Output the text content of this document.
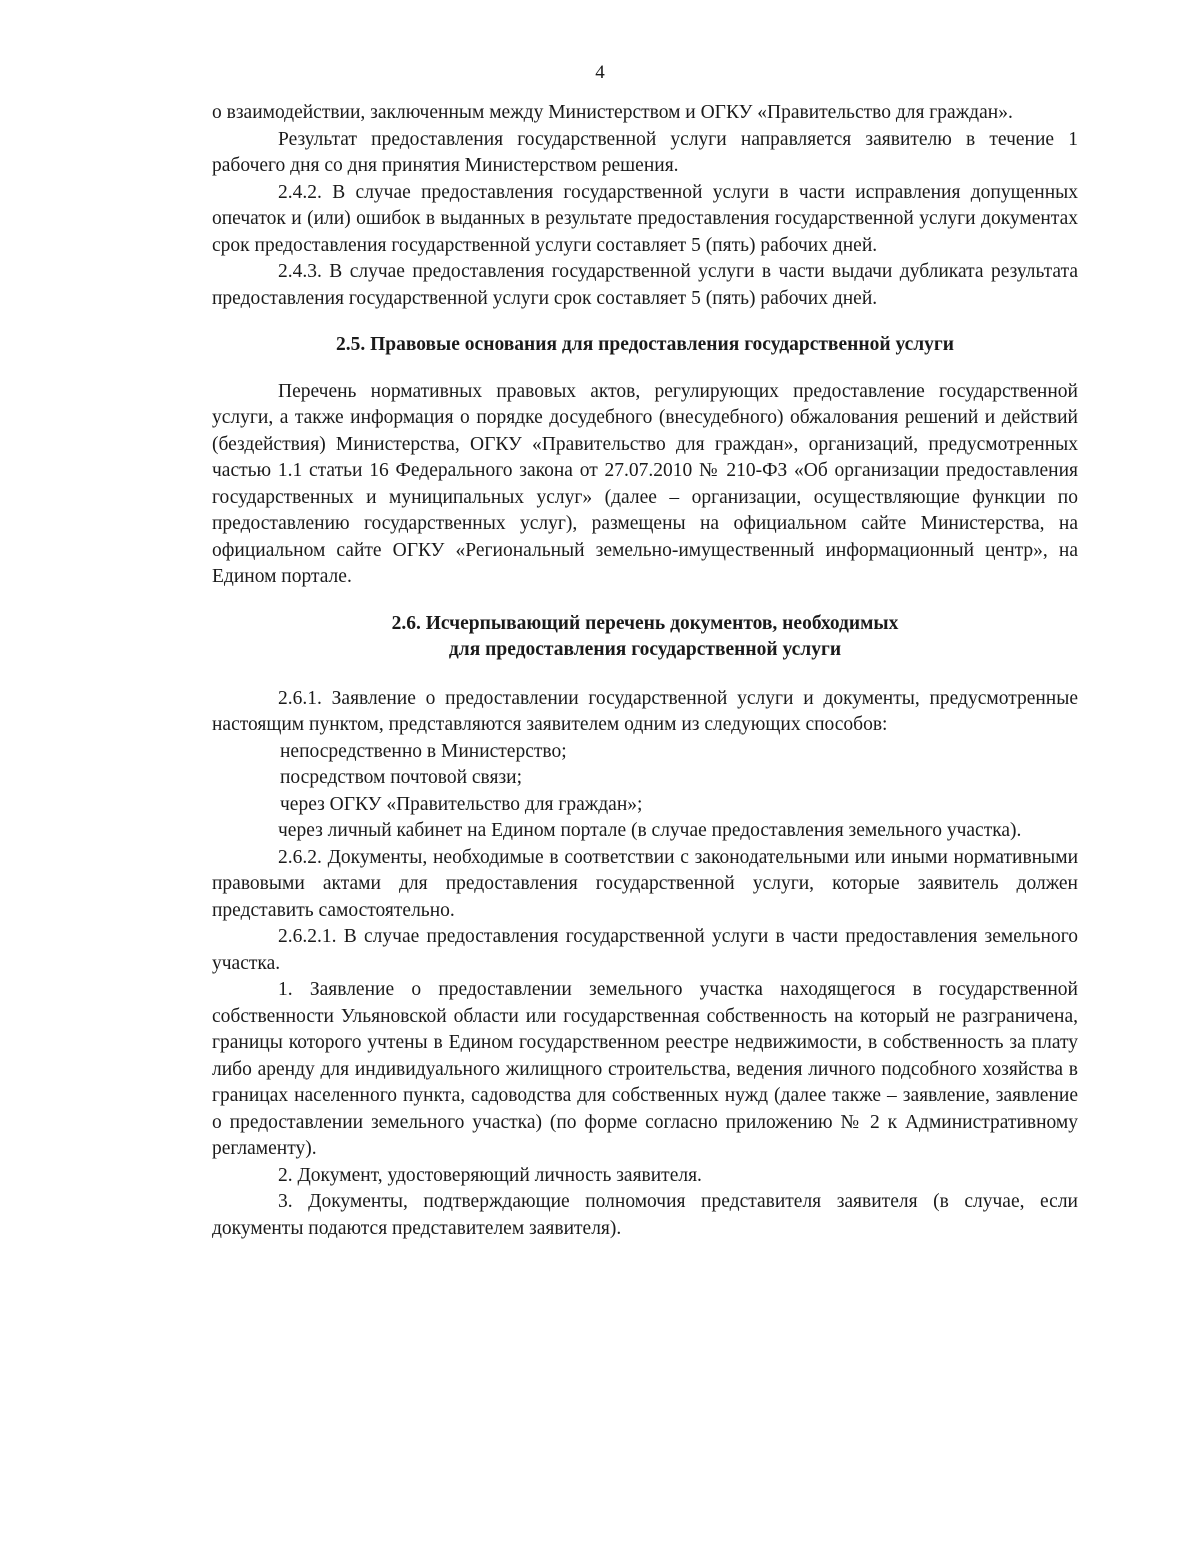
4

о взаимодействии, заключенным между Министерством и ОГКУ «Правительство для граждан».

Результат предоставления государственной услуги направляется заявителю в течение 1 рабочего дня со дня принятия Министерством решения.

2.4.2. В случае предоставления государственной услуги в части исправления допущенных опечаток и (или) ошибок в выданных в результате предоставления государственной услуги документах срок предоставления государственной услуги составляет 5 (пять) рабочих дней.

2.4.3. В случае предоставления государственной услуги в части выдачи дубликата результата предоставления государственной услуги срок составляет 5 (пять) рабочих дней.

2.5. Правовые основания для предоставления государственной услуги

Перечень нормативных правовых актов, регулирующих предоставление государственной услуги, а также информация о порядке досудебного (внесудебного) обжалования решений и действий (бездействия) Министерства, ОГКУ «Правительство для граждан», организаций, предусмотренных частью 1.1 статьи 16 Федерального закона от 27.07.2010 № 210-ФЗ «Об организации предоставления государственных и муниципальных услуг» (далее – организации, осуществляющие функции по предоставлению государственных услуг), размещены на официальном сайте Министерства, на официальном сайте ОГКУ «Региональный земельно-имущественный информационный центр», на Едином портале.

2.6. Исчерпывающий перечень документов, необходимых
для предоставления государственной услуги

2.6.1. Заявление о предоставлении государственной услуги и документы, предусмотренные настоящим пунктом, представляются заявителем одним из следующих способов:

непосредственно в Министерство;

посредством почтовой связи;

через ОГКУ «Правительство для граждан»;

через личный кабинет на Едином портале (в случае предоставления земельного участка).

2.6.2. Документы, необходимые в соответствии с законодательными или иными нормативными правовыми актами для предоставления государственной услуги, которые заявитель должен представить самостоятельно.

2.6.2.1. В случае предоставления государственной услуги в части предоставления земельного участка.

1. Заявление о предоставлении земельного участка находящегося в государственной собственности Ульяновской области или государственная собственность на который не разграничена, границы которого учтены в Едином государственном реестре недвижимости, в собственность за плату либо аренду для индивидуального жилищного строительства, ведения личного подсобного хозяйства в границах населенного пункта, садоводства для собственных нужд (далее также – заявление, заявление о предоставлении земельного участка) (по форме согласно приложению № 2 к Административному регламенту).

2. Документ, удостоверяющий личность заявителя.

3. Документы, подтверждающие полномочия представителя заявителя (в случае, если документы подаются представителем заявителя).
